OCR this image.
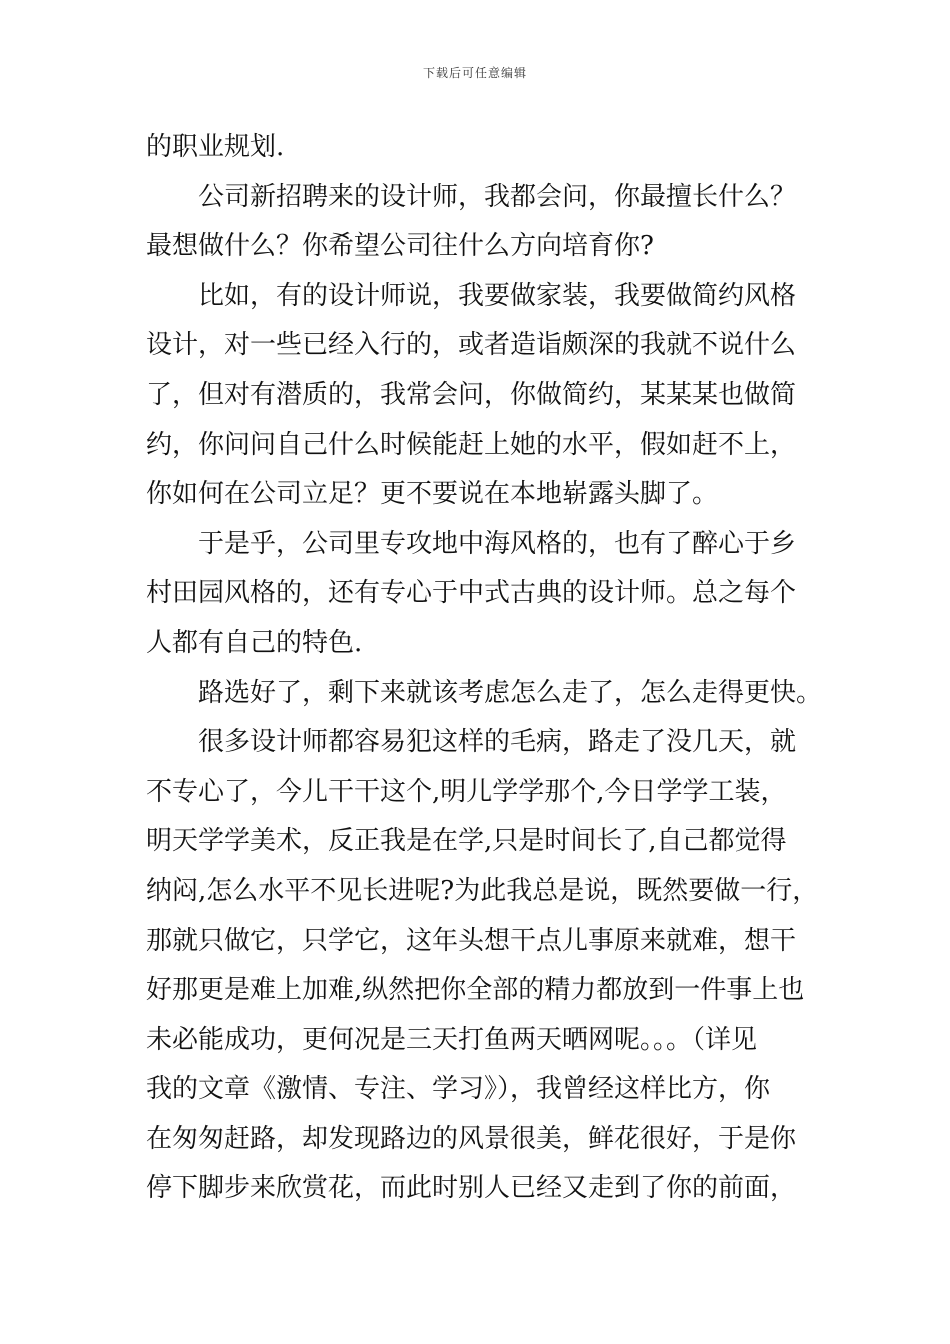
下载后可任意编辑
的职业规划.
公司新招聘来的设计师，我都会问，你最擅长什么？
最想做什么？你希望公司往什么方向培育你?
比如，有的设计师说，我要做家装，我要做简约风格
设计，对一些已经入行的，或者造诣颇深的我就不说什么
了，但对有潜质的，我常会问，你做简约，某某某也做简
约，你问问自己什么时候能赶上她的水平，假如赶不上，
你如何在公司立足？更不要说在本地崭露头脚了。
于是乎，公司里专攻地中海风格的，也有了醉心于乡
村田园风格的，还有专心于中式古典的设计师。总之每个
人都有自己的特色.
路选好了，剩下来就该考虑怎么走了，怎么走得更快。
很多设计师都容易犯这样的毛病，路走了没几天，就
不专心了，今儿干干这个,明儿学学那个,今日学学工装，
明天学学美术，反正我是在学,只是时间长了,自己都觉得
纳闷,怎么水平不见长进呢?为此我总是说，既然要做一行，
那就只做它，只学它，这年头想干点儿事原来就难，想干
好那更是难上加难,纵然把你全部的精力都放到一件事上也
未必能成功，更何况是三天打鱼两天晒网呢。。。（详见
我的文章《激情、专注、学习》），我曾经这样比方，你
在匆匆赶路，却发现路边的风景很美，鲜花很好，于是你
停下脚步来欣赏花，而此时别人已经又走到了你的前面，
